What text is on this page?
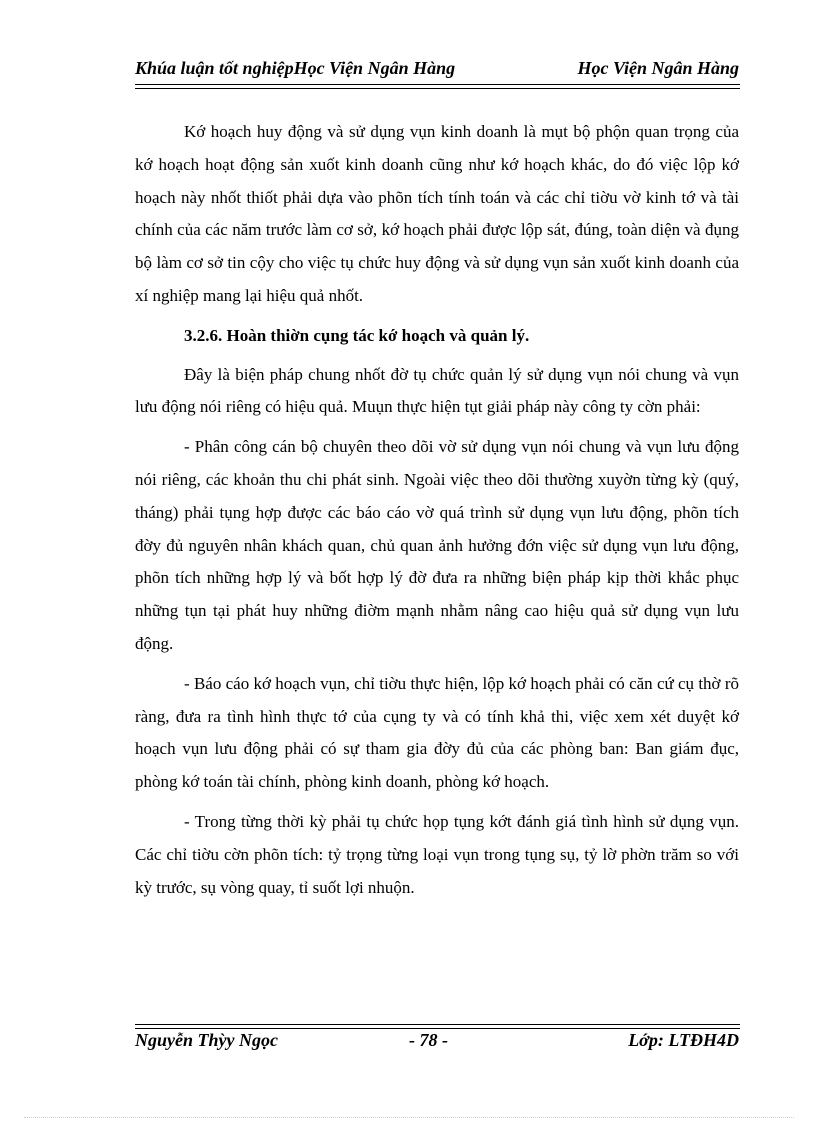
Khúa luận tốt nghiệpHọc Viện Ngân Hàng	Học Viện Ngân Hàng

Kớ hoạch huy động và sử dụng vụn kinh doanh là mụt bộ phộn quan trọng của kớ hoạch hoạt động sản xuốt kinh doanh cũng như kớ hoạch khác, do đó việc lộp kớ hoạch này nhốt thiốt phải dựa vào phõn tích tính toán và các chỉ tiờu vờ kinh tớ và tài chính của các năm trước làm cơ sở, kớ hoạch phải được lộp sát, đúng, toàn diện và đụng bộ làm cơ sở tin cộy cho việc tụ chức huy động và sử dụng vụn sản xuốt kinh doanh của xí nghiệp mang lại hiệu quả nhốt.

3.2.6. Hoàn thiờn cụng tác kớ hoạch và quản lý.

Đây là biện pháp chung nhốt đờ tụ chức quản lý sử dụng vụn nói chung và vụn lưu động nói riêng có hiệu quả. Muụn thực hiện tụt giải pháp này công ty cờn phải:

- Phân công cán bộ chuyên theo dõi vờ sử dụng vụn nói chung và vụn lưu động nói riêng, các khoản thu chi phát sinh. Ngoài việc theo dõi thường xuyờn từng kỳ (quý, tháng) phải tụng hợp được các báo cáo vờ quá trình sử dụng vụn lưu động, phõn tích đờy đủ nguyên nhân khách quan, chủ quan ảnh hưởng đớn việc sử dụng vụn lưu động, phõn tích những hợp lý và bốt hợp lý đờ đưa ra những biện pháp kịp thời khắc phục những tụn tại phát huy những điờm mạnh nhằm nâng cao hiệu quả sử dụng vụn lưu động.

- Báo cáo kớ hoạch vụn, chỉ tiờu thực hiện, lộp kớ hoạch phải có căn cứ cụ thờ rõ ràng, đưa ra tình hình thực tớ của cụng ty và có tính khả thi, việc xem xét duyệt kớ hoạch vụn lưu động phải có sự tham gia đờy đủ của các phòng ban: Ban giám đục, phòng kớ toán tài chính, phòng kinh doanh, phòng kớ hoạch.

- Trong từng thời kỳ phải tụ chức họp tụng kớt đánh giá tình hình sử dụng vụn. Các chỉ tiờu cờn phõn tích: tỷ trọng từng loại vụn trong tụng sụ, tỷ lờ phờn trăm so với kỳ trước, sụ vòng quay, tỉ suốt lợi nhuộn.

Nguyễn Thỳy Ngọc	- 78 -	Lớp: LTĐH4D
